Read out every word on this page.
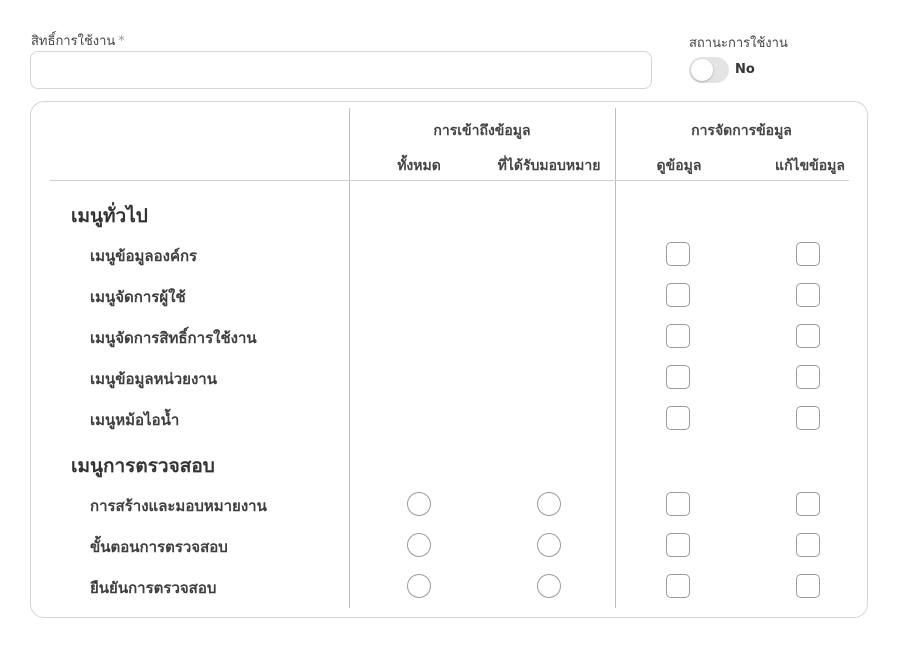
สิทธิ์การใช้งาน *	สถานะการใช้งาน
No
การเข้าถึงข้อมูล	การจัดการข้อมูล
ทั้งหมด	ที่ได้รับมอบหมาย	ดูข้อมูล	แก้ไขข้อมูล
เมนูทั่วไป
เมนูข้อมูลองค์กร
เมนูจัดการผู้ใช้
เมนูจัดการสิทธิ์การใช้งาน
เมนูข้อมูลหน่วยงาน
เมนูหม้อไอน้ำ
เมนูการตรวจสอบ
การสร้างและมอบหมายงาน
ขั้นตอนการตรวจสอบ
ยืนยันการตรวจสอบ
